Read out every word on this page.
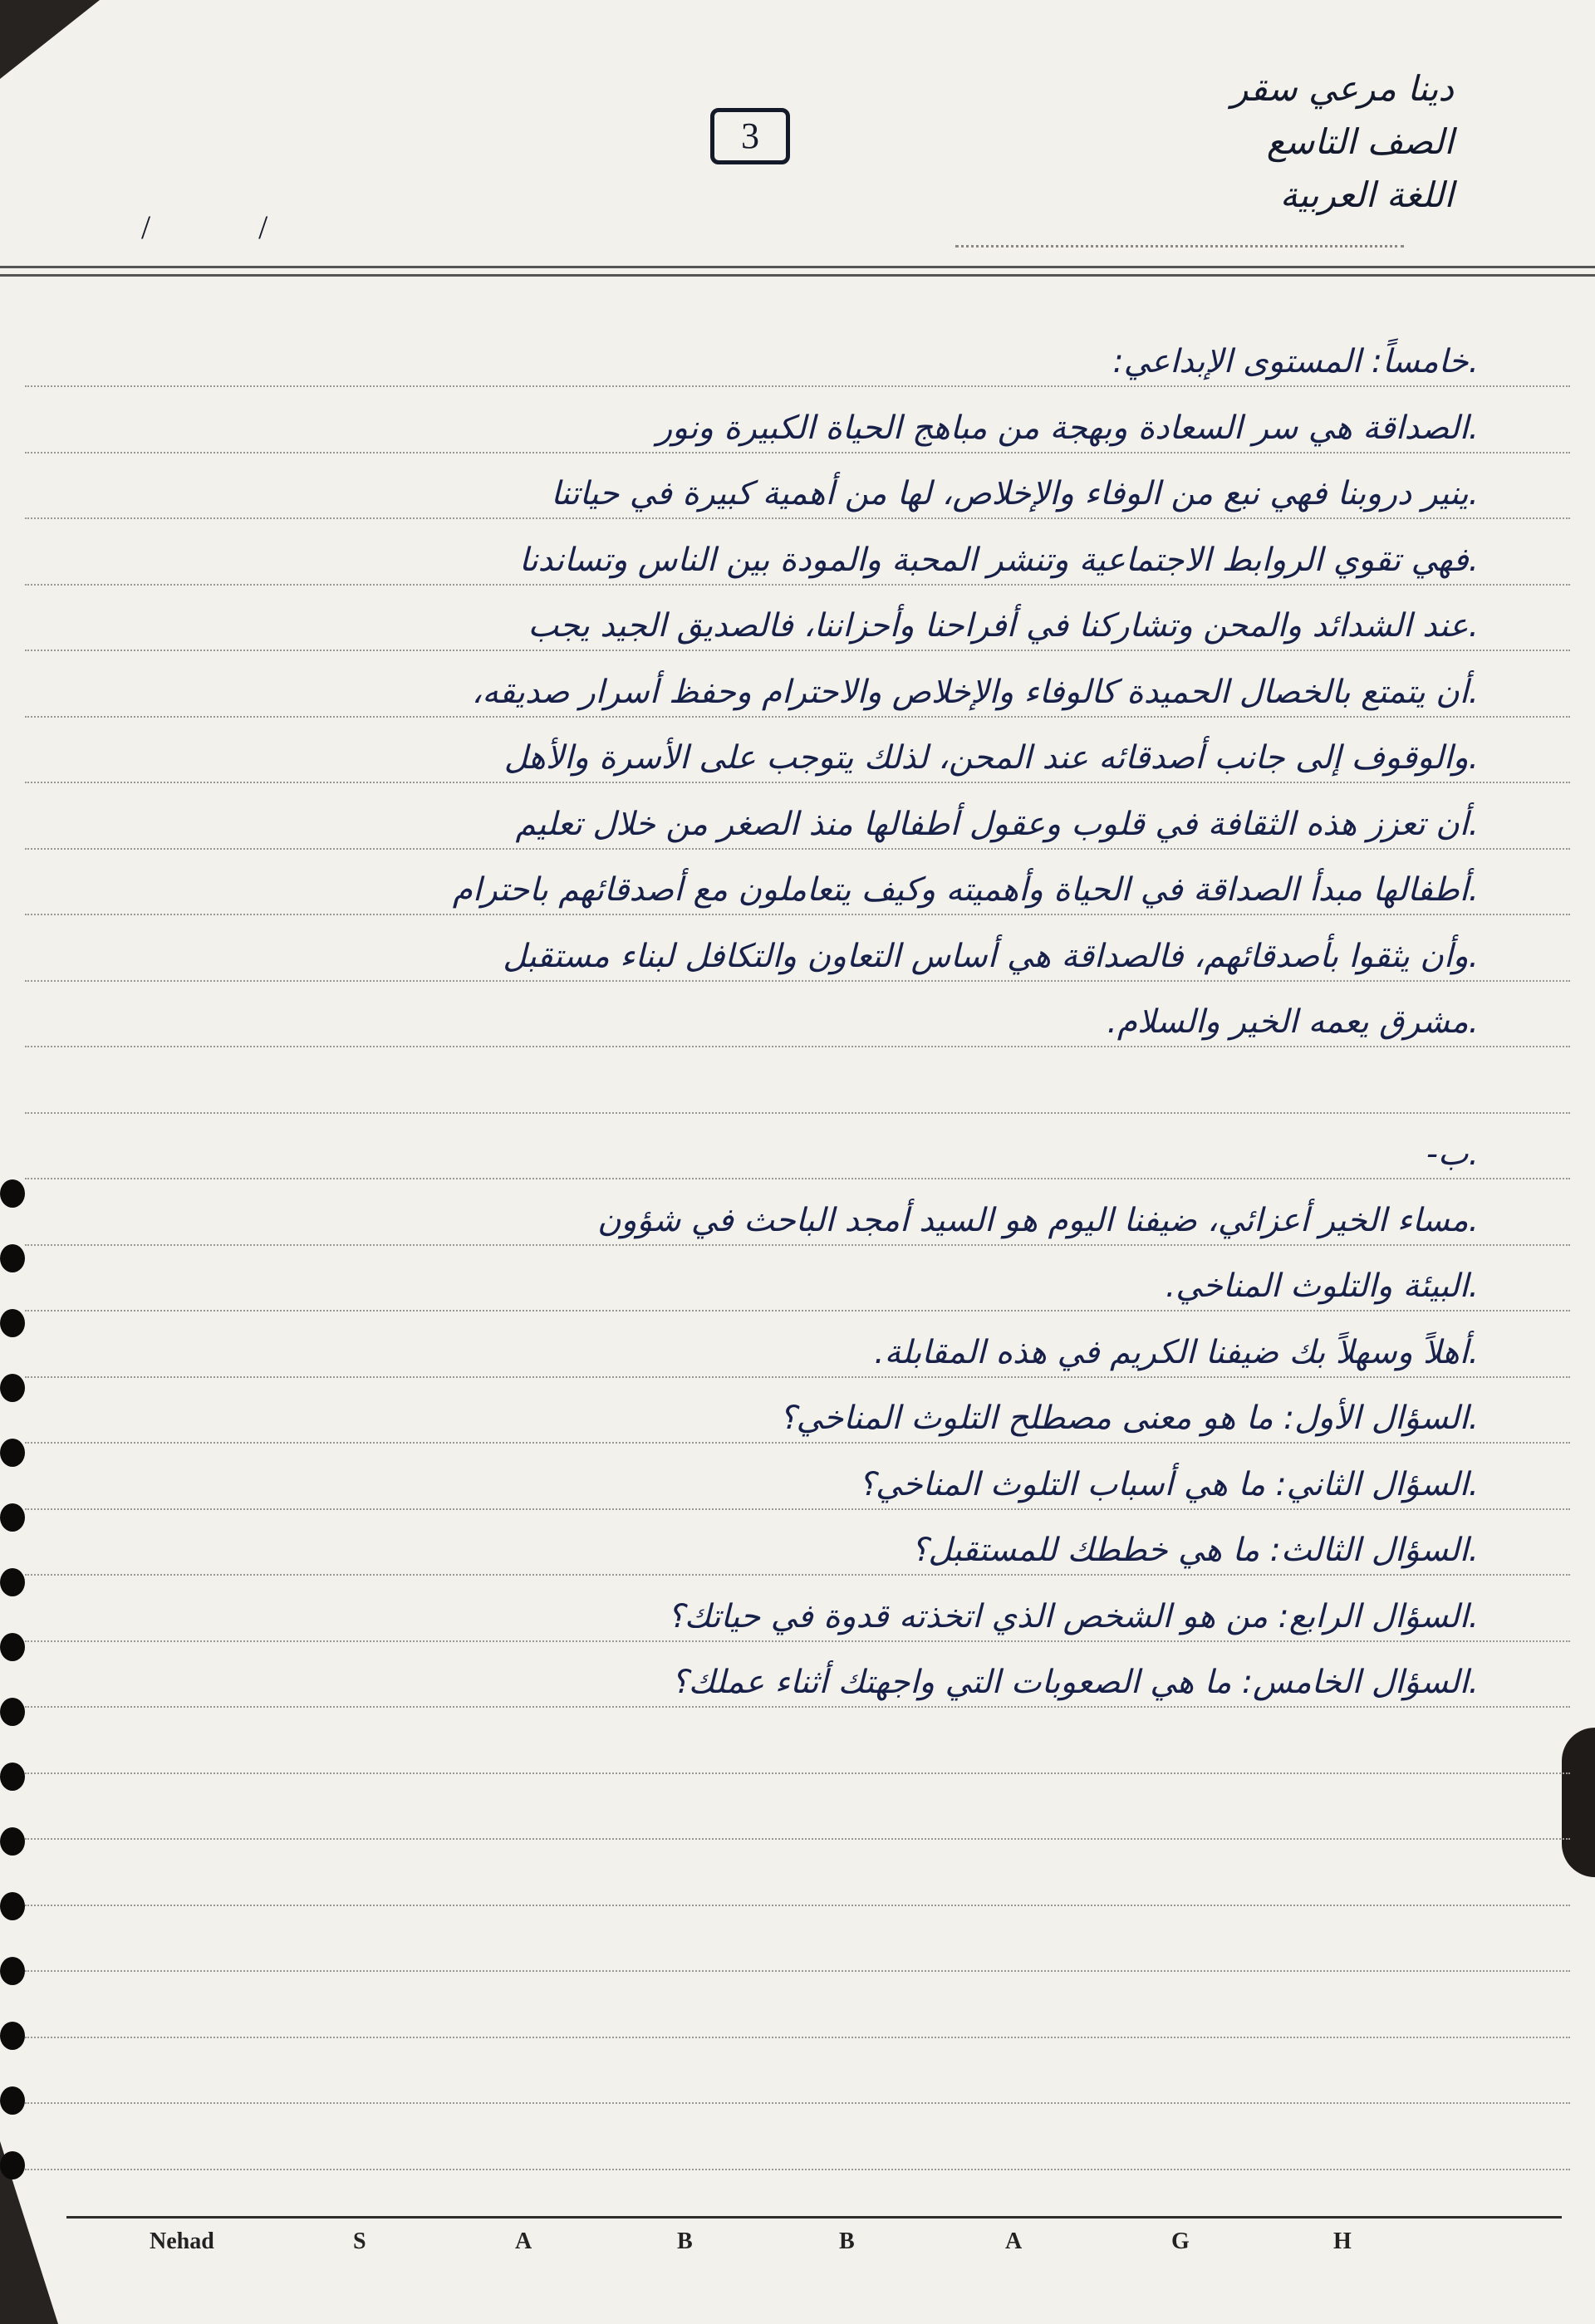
3
/ /
دينا مرعي سقر
الصف التاسع
اللغة العربية
.خامساً: المستوى الإبداعي:
.الصداقة هي سر السعادة وبهجة من مباهج الحياة الكبيرة ونور
.ينير دروبنا فهي نبع من الوفاء والإخلاص، لها من أهمية كبيرة في حياتنا
.فهي تقوي الروابط الاجتماعية وتنشر المحبة والمودة بين الناس وتساندنا
.عند الشدائد والمحن وتشاركنا في أفراحنا وأحزاننا، فالصديق الجيد يجب
.أن يتمتع بالخصال الحميدة كالوفاء والإخلاص والاحترام وحفظ أسرار صديقه،
.والوقوف إلى جانب أصدقائه عند المحن، لذلك يتوجب على الأسرة والأهل
.أن تعزز هذه الثقافة في قلوب وعقول أطفالها منذ الصغر من خلال تعليم
.أطفالها مبدأ الصداقة في الحياة وأهميته وكيف يتعاملون مع أصدقائهم باحترام
.وأن يثقوا بأصدقائهم، فالصداقة هي أساس التعاون والتكافل لبناء مستقبل
.مشرق يعمه الخير والسلام.
.ب-
.مساء الخير أعزائي، ضيفنا اليوم هو السيد أمجد الباحث في شؤون
.البيئة والتلوث المناخي.
.أهلاً وسهلاً بك ضيفنا الكريم في هذه المقابلة.
.السؤال الأول: ما هو معنى مصطلح التلوث المناخي؟
.السؤال الثاني: ما هي أسباب التلوث المناخي؟
.السؤال الثالث: ما هي خططك للمستقبل؟
.السؤال الرابع: من هو الشخص الذي اتخذته قدوة في حياتك؟
.السؤال الخامس: ما هي الصعوبات التي واجهتك أثناء عملك؟
Nehad	S	A	B	B	A	G	H
